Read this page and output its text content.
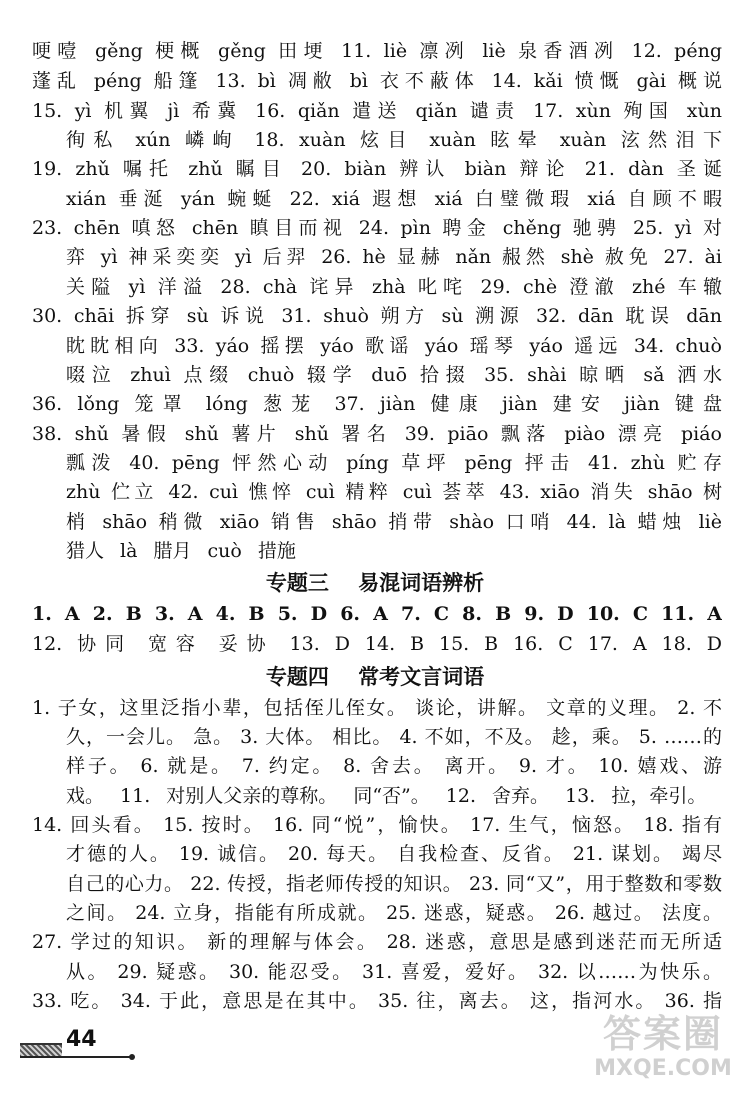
哽噎 gěng 梗概 gěng 田埂 11. liè 凛冽 liè 泉香酒冽 12. péng
蓬乱 péng 船篷 13. bì 凋敝 bì 衣不蔽体 14. kǎi 愤慨 gài 概说
15. yì 机翼 jì 希冀 16. qiǎn 遣送 qiǎn 谴责 17. xùn 殉国 xùn
徇私 xún 嶙峋 18. xuàn 炫目 xuàn 眩晕 xuàn 泫然泪下
19. zhǔ 嘱托 zhǔ 瞩目 20. biàn 辨认 biàn 辩论 21. dàn 圣诞
xián 垂涎 yán 蜿蜒 22. xiá 遐想 xiá 白璧微瑕 xiá 自顾不暇
23. chēn 嗔怒 chēn 瞋目而视 24. pìn 聘金 chěng 驰骋 25. yì 对
弈 yì 神采奕奕 yì 后羿 26. hè 显赫 nǎn 赧然 shè 赦免 27. ài
关隘 yì 洋溢 28. chà 诧异 zhà 叱咤 29. chè 澄澈 zhé 车辙
30. chāi 拆穿 sù 诉说 31. shuò 朔方 sù 溯源 32. dān 耽误 dān
眈眈相向 33. yáo 摇摆 yáo 歌谣 yáo 瑶琴 yáo 遥远 34. chuò
啜泣 zhuì 点缀 chuò 辍学 duō 拾掇 35. shài 晾晒 sǎ 洒水
36. lǒng 笼罩 lóng 葱茏 37. jiàn 健康 jiàn 建安 jiàn 键盘
38. shǔ 暑假 shǔ 薯片 shǔ 署名 39. piāo 飘落 piào 漂亮 piáo
瓢泼 40. pēng 怦然心动 píng 草坪 pēng 抨击 41. zhù 贮存
zhù 伫立 42. cuì 憔悴 cuì 精粹 cuì 荟萃 43. xiāo 消失 shāo 树
梢 shāo 稍微 xiāo 销售 shāo 捎带 shào 口哨 44. là 蜡烛 liè
猎人 là 腊月 cuò 措施
专题三    易混词语辨析
1. A 2. B 3. A 4. B 5. D 6. A 7. C 8. B 9. D 10. C 11. A
12. 协同 宽容 妥协 13. D 14. B 15. B 16. C 17. A 18. D
专题四    常考文言词语
1. 子女，这里泛指小辈，包括侄儿侄女。 谈论，讲解。 文章的义理。 2. 不
久，一会儿。 急。 3. 大体。 相比。 4. 不如，不及。 趁，乘。 5. ……的
样子。 6. 就是。 7. 约定。 8. 舍去。 离开。 9. 才。 10. 嬉戏、游
戏。 11. 对别人父亲的尊称。 同“否”。 12. 舍弃。 13. 拉，牵引。
14. 回头看。 15. 按时。 16. 同“悦”，愉快。 17. 生气，恼怒。 18. 指有
才德的人。 19. 诚信。 20. 每天。 自我检查、反省。 21. 谋划。 竭尽
自己的心力。 22. 传授，指老师传授的知识。 23. 同“又”，用于整数和零数
之间。 24. 立身，指能有所成就。 25. 迷惑，疑惑。 26. 越过。 法度。
27. 学过的知识。 新的理解与体会。 28. 迷惑，意思是感到迷茫而无所适
从。 29. 疑惑。 30. 能忍受。 31. 喜爱，爱好。 32. 以……为快乐。
33. 吃。 34. 于此，意思是在其中。 35. 往，离去。 这，指河水。 36. 指
44	答案圈
MXQE.COM
